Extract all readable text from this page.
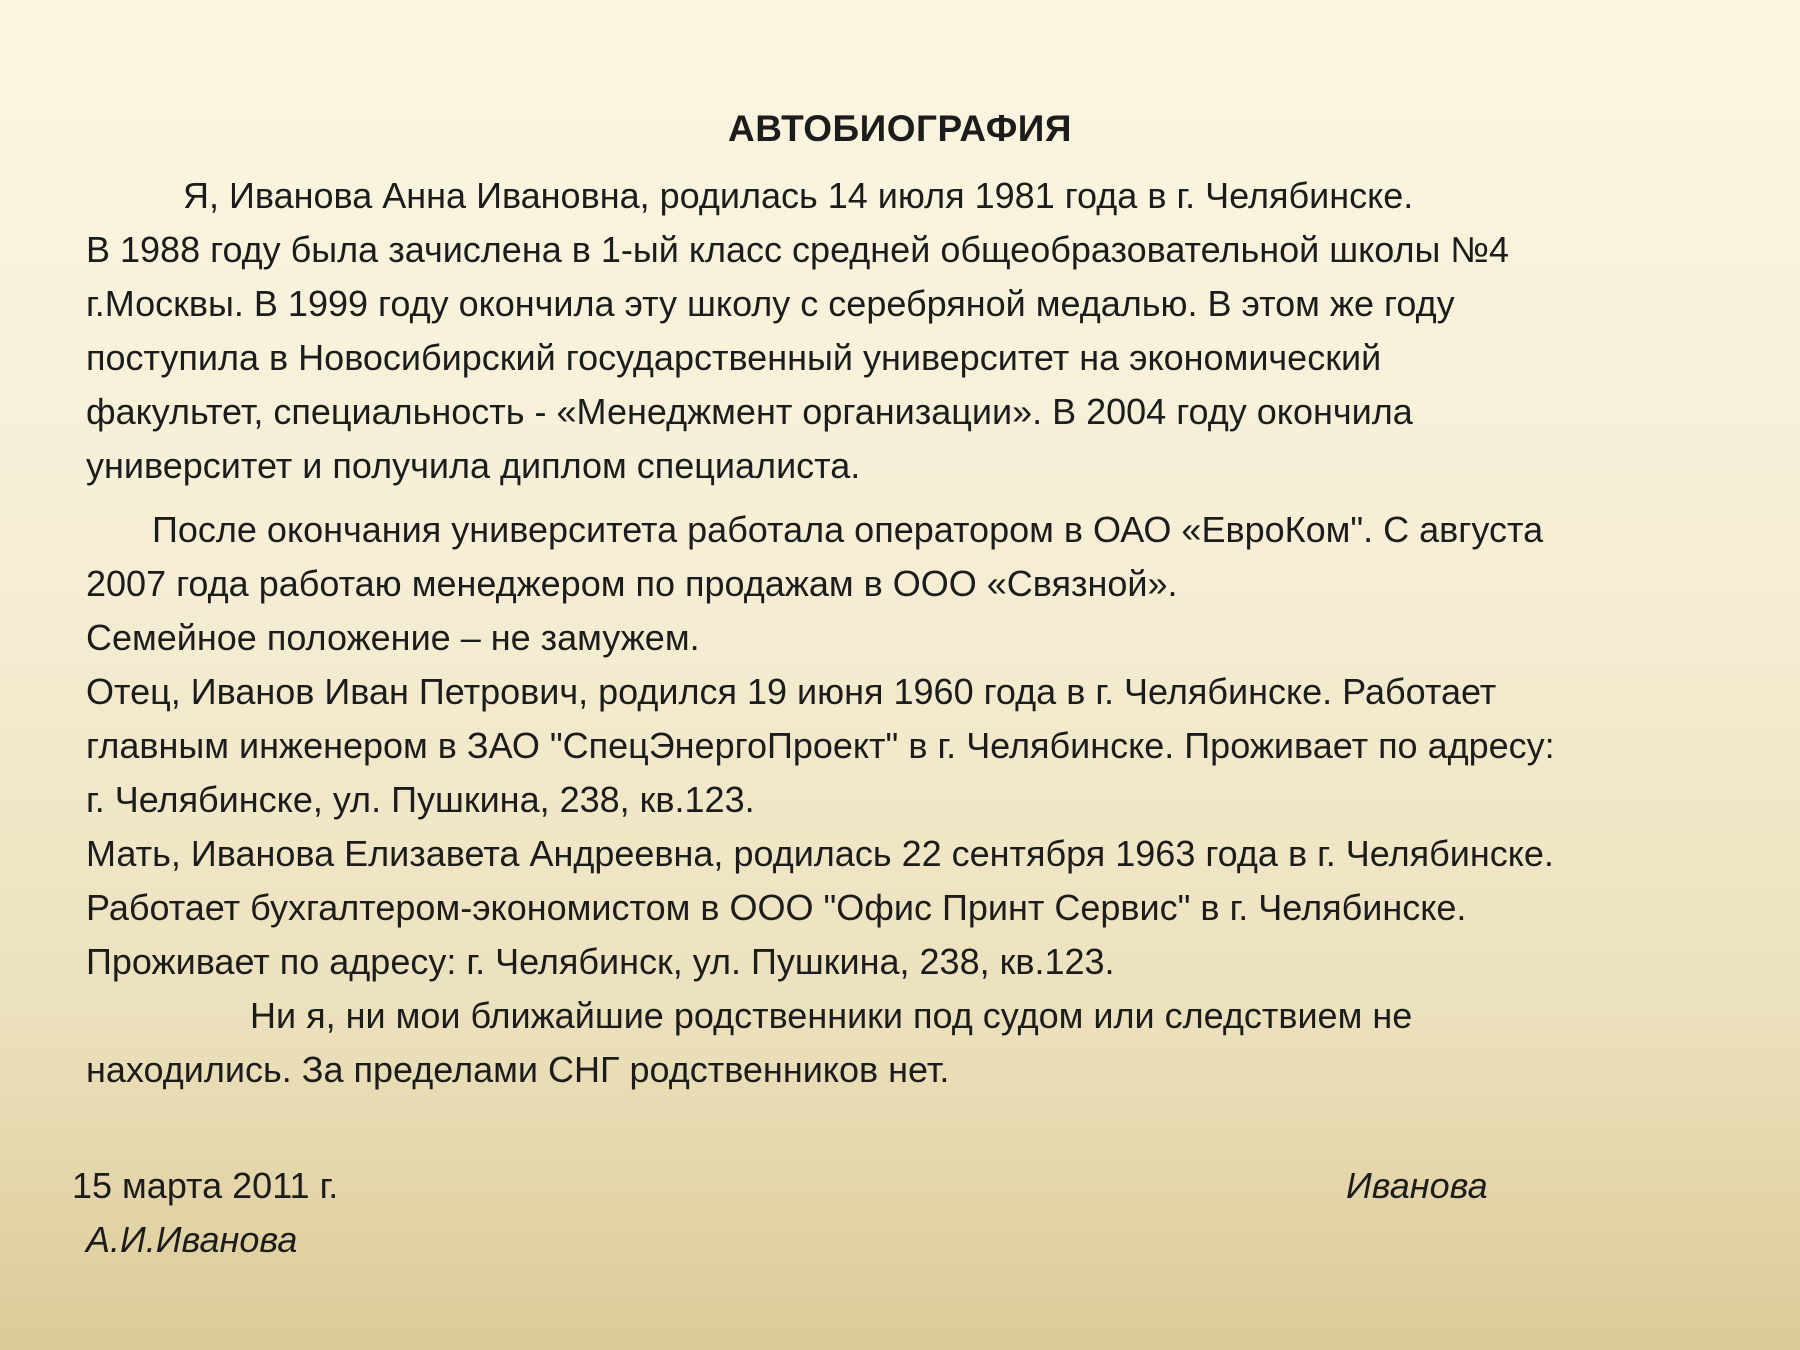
АВТОБИОГРАФИЯ
Я, Иванова Анна Ивановна, родилась 14 июля 1981 года в г. Челябинске.
В 1988 году была зачислена в 1-ый класс средней общеобразовательной школы №4
г.Москвы. В 1999 году окончила эту школу с серебряной медалью. В этом же году
поступила в Новосибирский государственный университет на экономический
факультет, специальность - «Менеджмент организации». В 2004 году окончила
университет и получила диплом специалиста.
После окончания университета работала оператором в ОАО «ЕвроКом". С августа
2007 года работаю менеджером по продажам в ООО «Связной».
Семейное положение – не замужем.
Отец, Иванов Иван Петрович, родился 19 июня 1960 года в г. Челябинске. Работает
главным инженером в ЗАО "СпецЭнергоПроект" в г. Челябинске. Проживает по адресу:
г. Челябинске, ул. Пушкина, 238, кв.123.
Мать, Иванова Елизавета Андреевна, родилась 22 сентября 1963 года в г. Челябинске.
Работает бухгалтером-экономистом в ООО "Офис Принт Сервис" в г. Челябинске.
Проживает по адресу: г. Челябинск, ул. Пушкина, 238, кв.123.
Ни я, ни мои ближайшие родственники под судом или следствием не
находились. За пределами СНГ родственников нет.
15 марта 2011 г.	Иванова
А.И.Иванова
